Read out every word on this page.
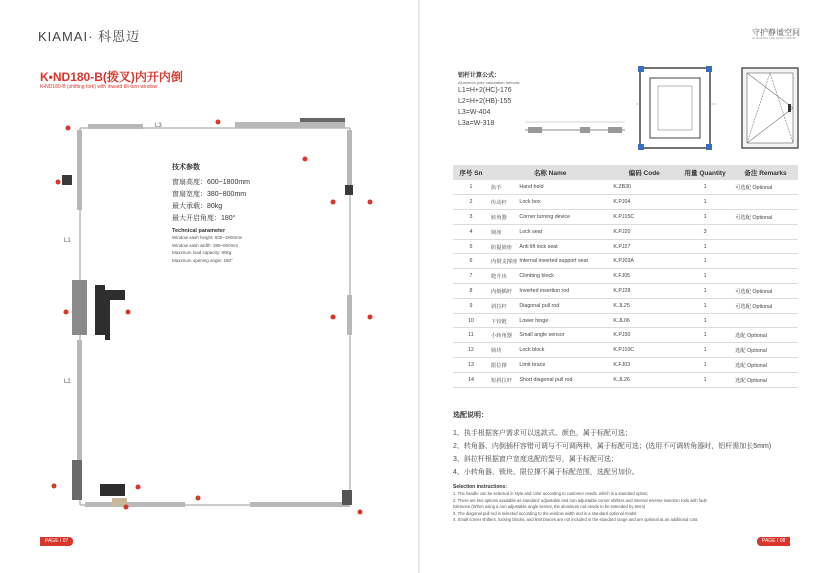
KIAMAI· 科恩迈	守护静谧空间
GUARDING THE QUIET SPACE
K•ND180-B(拨叉)内开内倒
K•ND180-B (shifting fork) with inward tilt-turn window
L3
L1
L2
技术参数
窗扇高度：600~1800mm
窗扇宽度：380~800mm
最大承载：80kg
最大开启角度：180°
Technical parameter
Window sash height: 600~1800mm
Window sash width: 380~800mm
Maximum load capacity: 80kg
Maximum opening angle: 180°
铝杆计算公式：
Aluminum pole calculation formula:
L1=H+2(HC)-176
L2=H+2(HB)-155
L3=W-404
L3a=W-318
序号 Sn	名称 Name		编码 Code	用量 Quantity	备注 Remarks
1	执手	Hand held	K.ZB30	1	可选配 Optional
2	传动杆	Lock box	K.PJ04	1	
3	转角器	Corner turning device	K.PJ15C	1	可选配 Optional
4	锁座	Lock seat	K.PJ20	3	
5	防提锁座	Anti lift lock seat	K.PJ27	1	
6	内倒支撑座	Internal inverted support seat	K.PJ03A	1	
7	爬升块	Climbing block	K.FJ05	1	
8	内倒插杆	Inverted insertion rod	K.PJ28	1	可选配 Optional
9	斜拉杆	Diagonal pull rod	K.JL25	1	可选配 Optional
10	下铰链	Lower hinge	K.JL06	1	
11	小转角器	Small angle sensor	K.PJ30	1	选配 Optional
12	锁块	Lock block	K.PJ10C	1	选配 Optional
13	限位撑	Limit brace	K.FJ03	1	选配 Optional
14	短斜拉杆	Short diagonal pull rod	K.JL26	1	选配 Optional
选配说明：
1、执手根据客户需求可以选款式、颜色，属于标配可选；
2、转角器、内倒插杆容错可调与不可调两种，属于标配可选；(选用不可调转角器时，铝杆需加长5mm)
3、斜拉杆根据窗户宽度选配的型号，属于标配可选；
4、小转角器、锁块、限位撑不属于标配范围，选配另加价。
Selection instructions:
1. The handle can be selected in style and color according to customer needs, which is a standard option;
2. There are two options available as standard: adjustable and non adjustable corner shifters and internal reverse insertion rods with fault
tolerance.(When using a non adjustable angle sensor, the aluminum rod needs to be extended by 5mm)
3. The diagonal pull rod is selected according to the window width and is a standard optional model;
4. Small corner shifters, locking blocks, and limit braces are not included in the standard range and are optional at an additional cost.
PAGE / 07	PAGE / 08
